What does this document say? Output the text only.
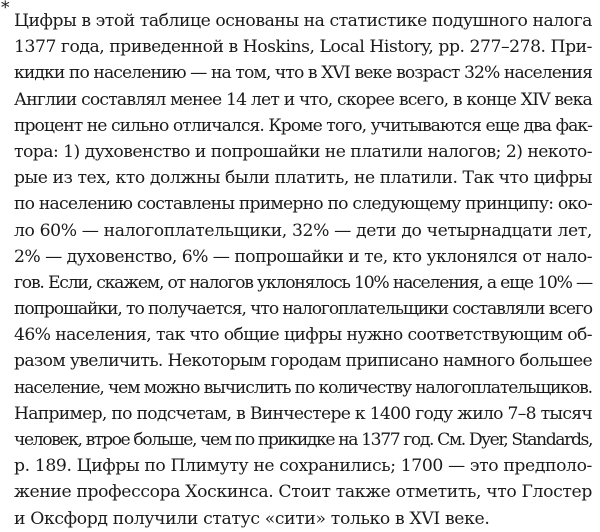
*
Цифры в этой таблице основаны на статистике подушного налога
1377 года, приведенной в Hoskins, Local History, pp. 277–278. При-
кидки по населению — на том, что в XVI веке возраст 32% населения
Англии составлял менее 14 лет и что, скорее всего, в конце XIV века
процент не сильно отличался. Кроме того, учитываются еще два фак-
тора: 1) духовенство и попрошайки не платили налогов; 2) некото-
рые из тех, кто должны были платить, не платили. Так что цифры
по населению составлены примерно по следующему принципу: око-
ло 60% — налогоплательщики, 32% — дети до четырнадцати лет,
2% — духовенство, 6% — попрошайки и те, кто уклонялся от нало-
гов. Если, скажем, от налогов уклонялось 10% населения, а еще 10% —
попрошайки, то получается, что налогоплательщики составляли всего
46% населения, так что общие цифры нужно соответствующим об-
разом увеличить. Некоторым городам приписано намного большее
население, чем можно вычислить по количеству налогоплательщиков.
Например, по подсчетам, в Винчестере к 1400 году жило 7–8 тысяч
человек, втрое больше, чем по прикидке на 1377 год. См. Dyer, Standards,
p. 189. Цифры по Плимуту не сохранились; 1700 — это предполо-
жение профессора Хоскинса. Стоит также отметить, что Глостер
и Оксфорд получили статус «сити» только в XVI веке.
